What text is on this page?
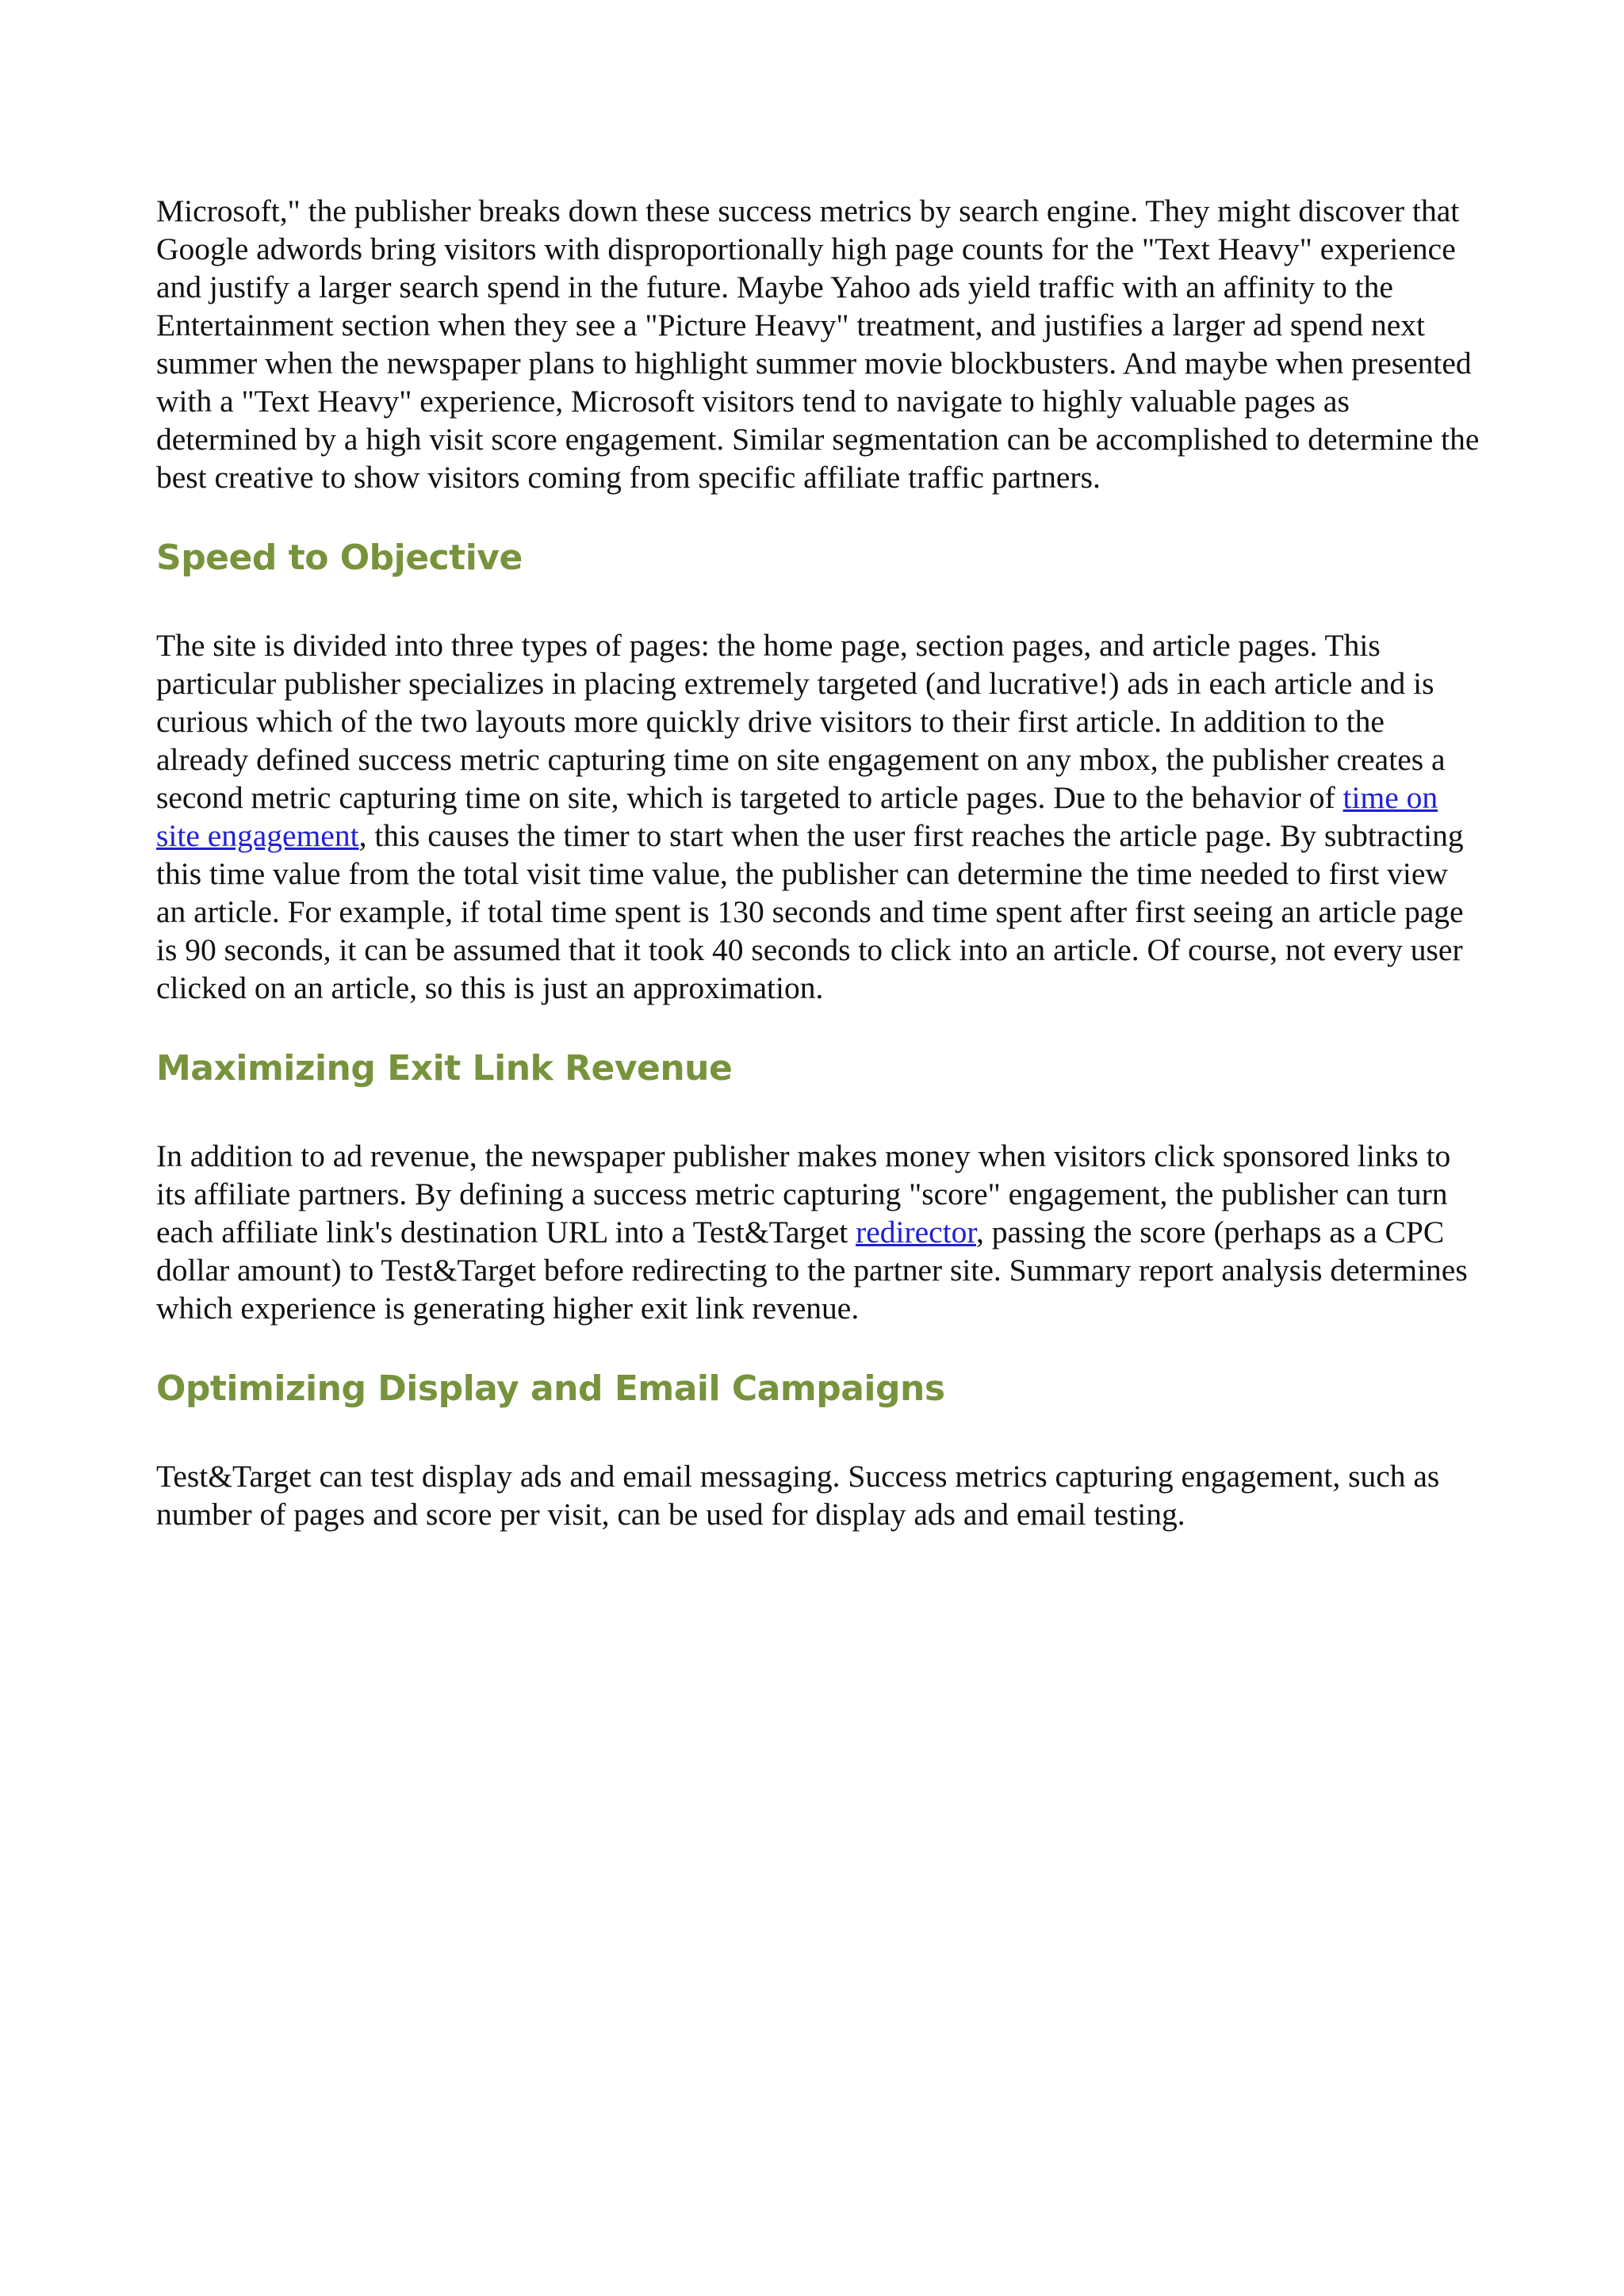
Microsoft," the publisher breaks down these success metrics by search engine. They might discover that Google adwords bring visitors with disproportionally high page counts for the "Text Heavy" experience and justify a larger search spend in the future. Maybe Yahoo ads yield traffic with an affinity to the Entertainment section when they see a "Picture Heavy" treatment, and justifies a larger ad spend next summer when the newspaper plans to highlight summer movie blockbusters. And maybe when presented with a "Text Heavy" experience, Microsoft visitors tend to navigate to highly valuable pages as determined by a high visit score engagement. Similar segmentation can be accomplished to determine the best creative to show visitors coming from specific affiliate traffic partners.

Speed to Objective

The site is divided into three types of pages: the home page, section pages, and article pages. This particular publisher specializes in placing extremely targeted (and lucrative!) ads in each article and is curious which of the two layouts more quickly drive visitors to their first article. In addition to the already defined success metric capturing time on site engagement on any mbox, the publisher creates a second metric capturing time on site, which is targeted to article pages. Due to the behavior of time on site engagement, this causes the timer to start when the user first reaches the article page. By subtracting this time value from the total visit time value, the publisher can determine the time needed to first view an article. For example, if total time spent is 130 seconds and time spent after first seeing an article page is 90 seconds, it can be assumed that it took 40 seconds to click into an article. Of course, not every user clicked on an article, so this is just an approximation.

Maximizing Exit Link Revenue

In addition to ad revenue, the newspaper publisher makes money when visitors click sponsored links to its affiliate partners. By defining a success metric capturing "score" engagement, the publisher can turn each affiliate link's destination URL into a Test&Target redirector, passing the score (perhaps as a CPC dollar amount) to Test&Target before redirecting to the partner site. Summary report analysis determines which experience is generating higher exit link revenue.

Optimizing Display and Email Campaigns

Test&Target can test display ads and email messaging. Success metrics capturing engagement, such as number of pages and score per visit, can be used for display ads and email testing.
